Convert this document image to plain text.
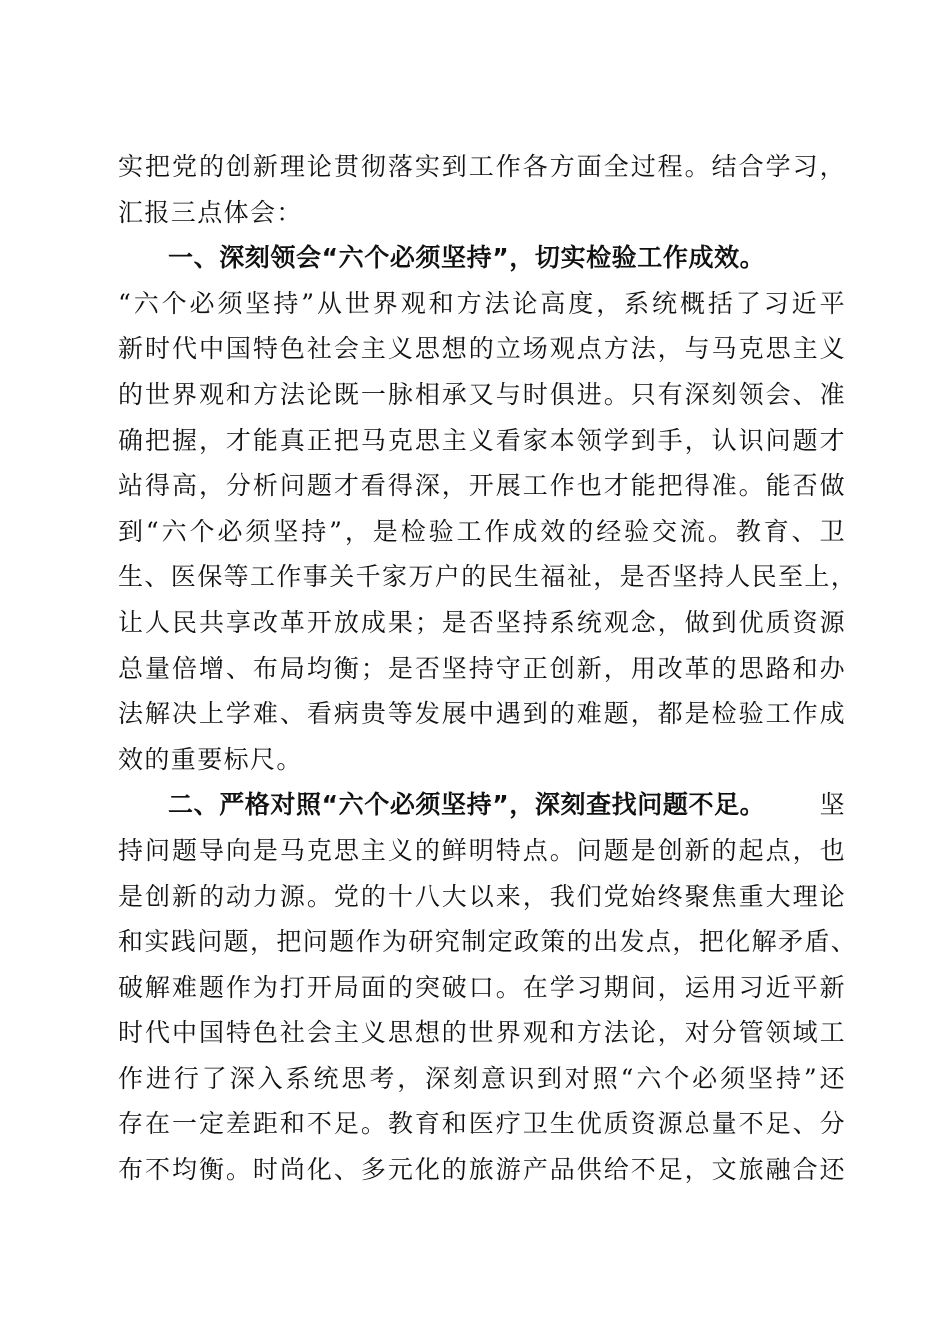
实把党的创新理论贯彻落实到工作各方面全过程。结合学习，
汇报三点体会：
一、深刻领会“六个必须坚持”，切实检验工作成效。
“六个必须坚持”从世界观和方法论高度，系统概括了习近平
新时代中国特色社会主义思想的立场观点方法，与马克思主义
的世界观和方法论既一脉相承又与时俱进。只有深刻领会、准
确把握，才能真正把马克思主义看家本领学到手，认识问题才
站得高，分析问题才看得深，开展工作也才能把得准。能否做
到“六个必须坚持”，是检验工作成效的经验交流。教育、卫
生、医保等工作事关千家万户的民生福祉，是否坚持人民至上，
让人民共享改革开放成果；是否坚持系统观念，做到优质资源
总量倍增、布局均衡；是否坚持守正创新，用改革的思路和办
法解决上学难、看病贵等发展中遇到的难题，都是检验工作成
效的重要标尺。
二、严格对照“六个必须坚持”，深刻查找问题不足。 坚
持问题导向是马克思主义的鲜明特点。问题是创新的起点，也
是创新的动力源。党的十八大以来，我们党始终聚焦重大理论
和实践问题，把问题作为研究制定政策的出发点，把化解矛盾、
破解难题作为打开局面的突破口。在学习期间，运用习近平新
时代中国特色社会主义思想的世界观和方法论，对分管领域工
作进行了深入系统思考，深刻意识到对照“六个必须坚持”还
存在一定差距和不足。教育和医疗卫生优质资源总量不足、分
布不均衡。时尚化、多元化的旅游产品供给不足，文旅融合还
